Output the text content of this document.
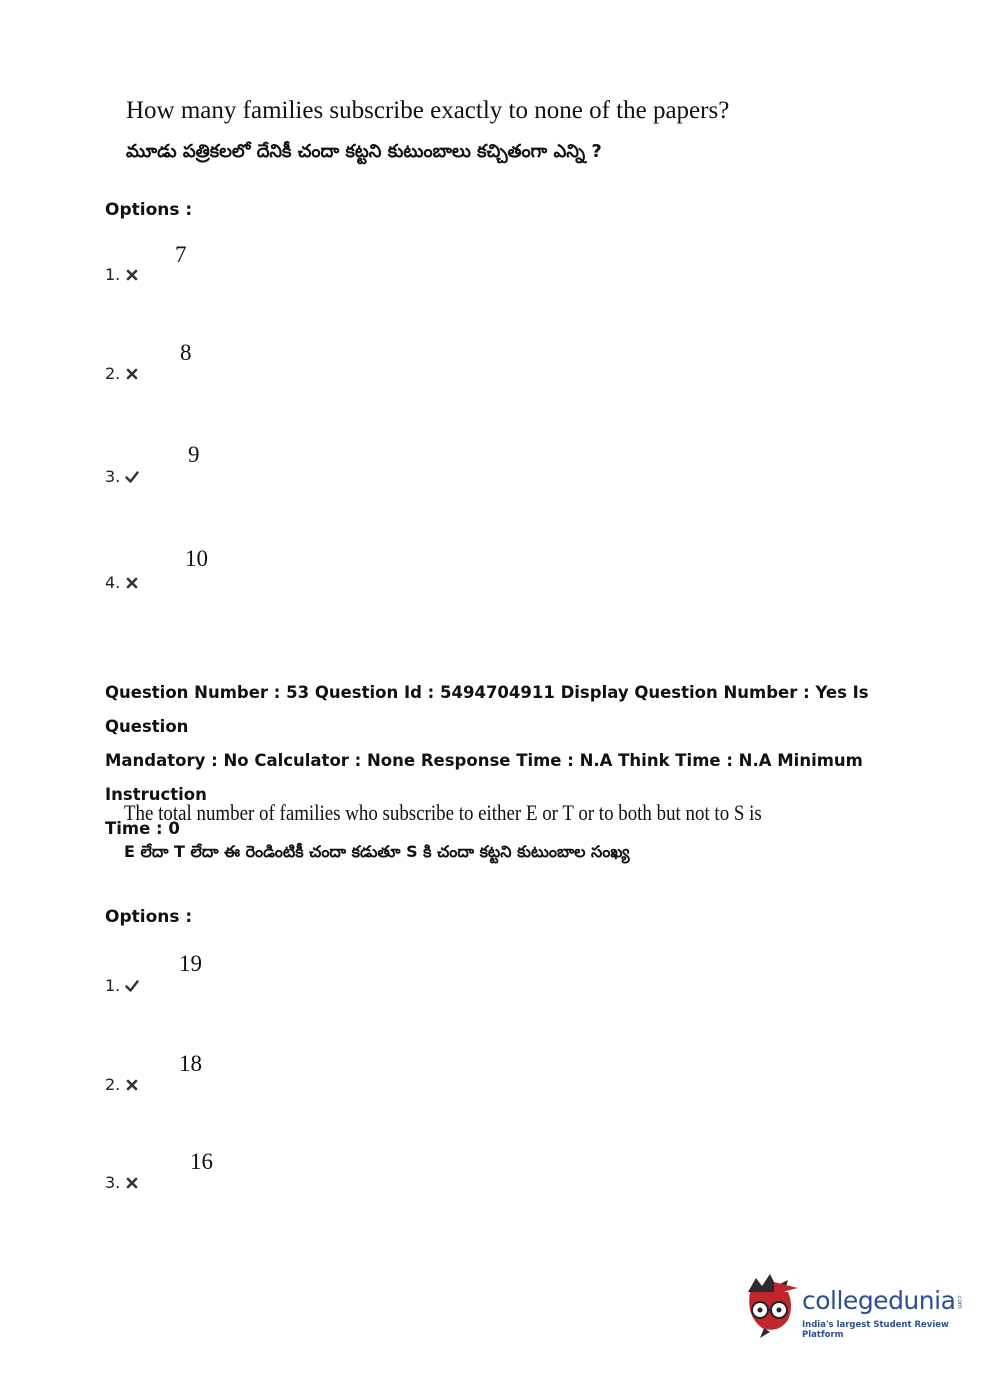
How many families subscribe exactly to none of the papers?
మూడు పత్రికలలో దేనికీ చందా కట్టని కుటుంబాలు కచ్చితంగా ఎన్ని ?
Options :
7
1.
8
2.
9
3.
10
4.
Question Number : 53 Question Id : 5494704911 Display Question Number : Yes Is Question
Mandatory : No Calculator : None Response Time : N.A Think Time : N.A Minimum Instruction
Time : 0
The total number of families who subscribe to either E or T or to both but not to S is
E లేదా T లేదా ఈ రెండింటికీ చందా కడుతూ S కి చందా కట్టని కుటుంబాల సంఖ్య
Options :
19
1.
18
2.
16
3.
collegedunia .com
India's largest Student Review Platform
